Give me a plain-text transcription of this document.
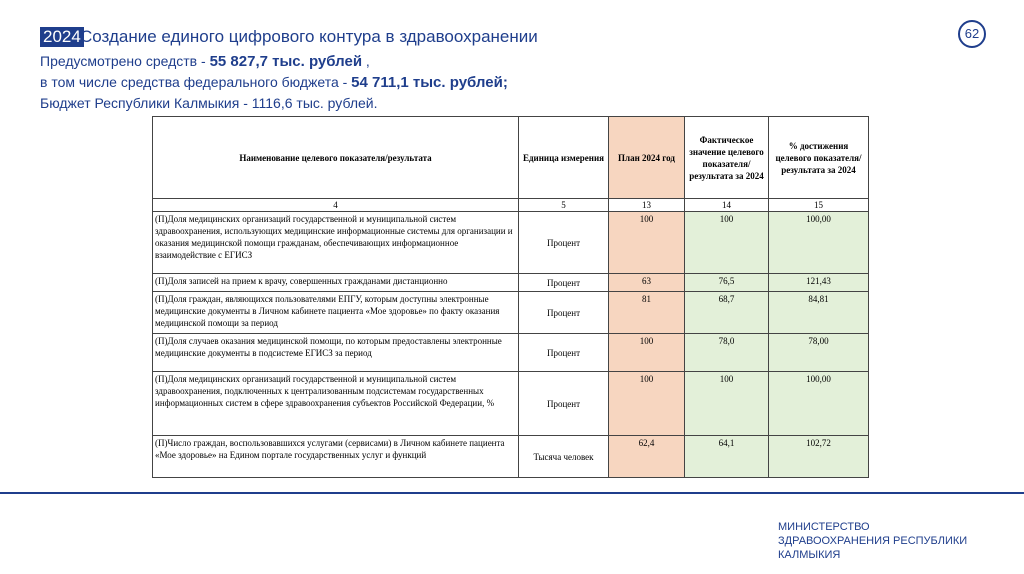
2024 Создание единого цифрового контура в здравоохранении	62
Предусмотрено средств - 55 827,7 тыс. рублей ,
в том числе средства федерального бюджета - 54 711,1 тыс. рублей;
Бюджет Республики Калмыкия - 1116,6 тыс. рублей.
Наименование целевого показателя/результата	Единица измерения	План 2024 год	Фактическое значение целевого показателя/результата за 2024	% достижения целевого показателя/результата за 2024
4	5	13	14	15
(П)Доля медицинских организаций государственной и муниципальной систем здравоохранения, использующих медицинские информационные системы для организации и оказания медицинской помощи гражданам, обеспечивающих информационное взаимодействие с ЕГИСЗ	Процент	100	100	100,00
(П)Доля записей на прием к врачу, совершенных гражданами дистанционно	Процент	63	76,5	121,43
(П)Доля граждан, являющихся пользователями ЕПГУ, которым доступны электронные медицинские документы в Личном кабинете пациента «Мое здоровье» по факту оказания медицинской помощи за период	Процент	81	68,7	84,81
(П)Доля случаев оказания медицинской помощи, по которым предоставлены электронные медицинские документы в подсистеме ЕГИСЗ за период	Процент	100	78,0	78,00
(П)Доля медицинских организаций государственной и муниципальной систем здравоохранения, подключенных к централизованным подсистемам государственных информационных систем в сфере здравоохранения субъектов Российской Федерации, %	Процент	100	100	100,00
(П)Число граждан, воспользовавшихся услугами (сервисами) в Личном кабинете пациента «Мое здоровье» на Едином портале государственных услуг и функций	Тысяча человек	62,4	64,1	102,72
МИНИСТЕРСТВО
ЗДРАВООХРАНЕНИЯ РЕСПУБЛИКИ
КАЛМЫКИЯ
